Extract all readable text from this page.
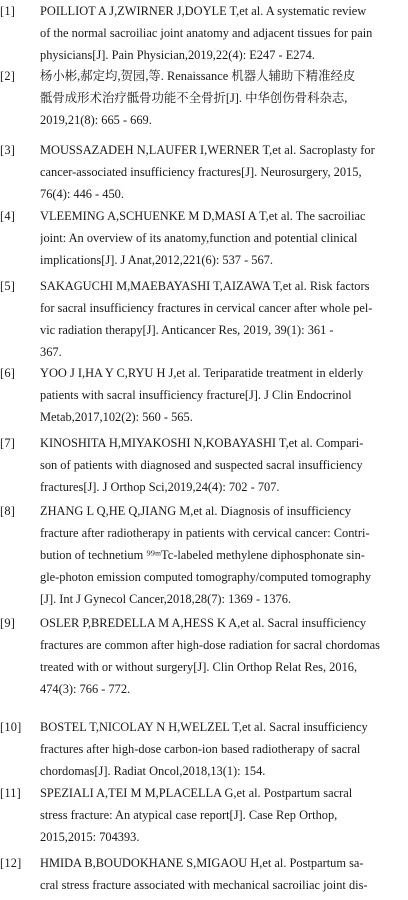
[1]	POILLIOT A J,ZWIRNER J,DOYLE T,et al. A systematic review
of the normal sacroiliac joint anatomy and adjacent tissues for pain
physicians[J]. Pain Physician,2019,22(4): E247 - E274.
[2]	杨小彬,郝定均,贺园,等. Renaissance 机器人辅助下精准经皮
骶骨成形术治疗骶骨功能不全骨折[J]. 中华创伤骨科杂志,
2019,21(8): 665 - 669.
[3]	MOUSSAZADEH N,LAUFER I,WERNER T,et al. Sacroplasty for
cancer-associated insufficiency fractures[J]. Neurosurgery, 2015,
76(4): 446 - 450.
[4]	VLEEMING A,SCHUENKE M D,MASI A T,et al. The sacroiliac
joint: An overview of its anatomy,function and potential clinical
implications[J]. J Anat,2012,221(6): 537 - 567.
[5]	SAKAGUCHI M,MAEBAYASHI T,AIZAWA T,et al. Risk factors
for sacral insufficiency fractures in cervical cancer after whole pel-
vic radiation therapy[J]. Anticancer Res, 2019, 39(1): 361 -
367.
[6]	YOO J I,HA Y C,RYU H J,et al. Teriparatide treatment in elderly
patients with sacral insufficiency fracture[J]. J Clin Endocrinol
Metab,2017,102(2): 560 - 565.
[7]	KINOSHITA H,MIYAKOSHI N,KOBAYASHI T,et al. Compari-
son of patients with diagnosed and suspected sacral insufficiency
fractures[J]. J Orthop Sci,2019,24(4): 702 - 707.
[8]	ZHANG L Q,HE Q,JIANG M,et al. Diagnosis of insufficiency
fracture after radiotherapy in patients with cervical cancer: Contri-
bution of technetium ⁹⁹ᵐTc-labeled methylene diphosphonate sin-
gle-photon emission computed tomography/computed tomography
[J]. Int J Gynecol Cancer,2018,28(7): 1369 - 1376.
[9]	OSLER P,BREDELLA M A,HESS K A,et al. Sacral insufficiency
fractures are common after high-dose radiation for sacral chordomas
treated with or without surgery[J]. Clin Orthop Relat Res, 2016,
474(3): 766 - 772.
[10]	BOSTEL T,NICOLAY N H,WELZEL T,et al. Sacral insufficiency
fractures after high-dose carbon-ion based radiotherapy of sacral
chordomas[J]. Radiat Oncol,2018,13(1): 154.
[11]	SPEZIALI A,TEI M M,PLACELLA G,et al. Postpartum sacral
stress fracture: An atypical case report[J]. Case Rep Orthop,
2015,2015: 704393.
[12]	HMIDA B,BOUDOKHANE S,MIGAOU H,et al. Postpartum sa-
cral stress fracture associated with mechanical sacroiliac joint dis-
